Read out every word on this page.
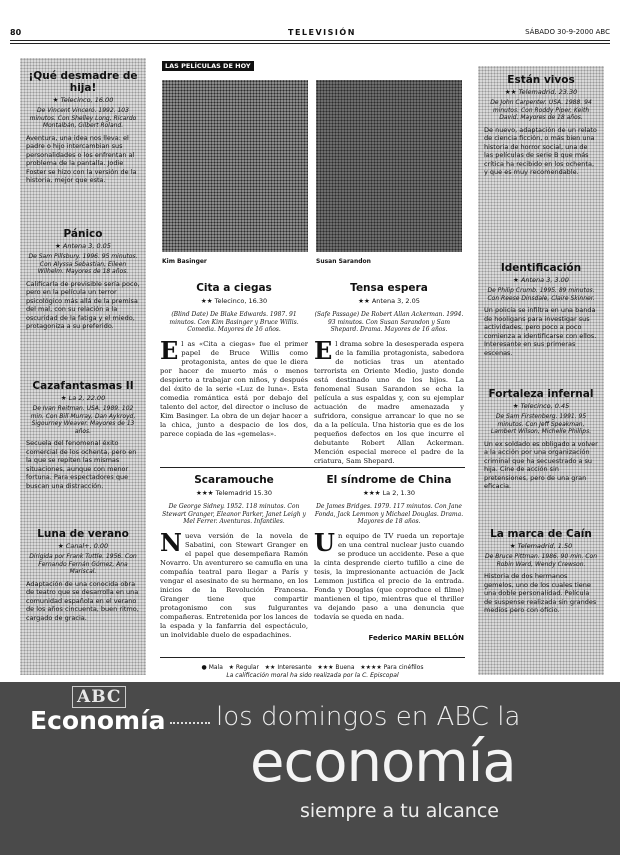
80	TELEVISIÓN	SÁBADO 30-9-2000 ABC
¡Qué desmadre de hija!
★ Telecinco, 16.00
De Vincent Vinceró. 1992. 103 minutos. Con Shelley Long, Ricardo Montalbán, Gilbert Roland.
Aventura, una idea nos lleva: el padre o hijo intercambian sus personalidades o los enfrentan al problema de la pantalla. Jodie Foster se hizo con la versión de la historia, mejor que esta.
Pánico
★ Antena 3, 0.05
De Sam Pillsbury. 1996. 95 minutos. Con Alyssa Sebastian, Eileen Wilhelm. Mayores de 18 años.
Calificarla de previsible sería poco, pero en la película un terror psicológico más allá de la premisa del mal, con su relación a la oscuridad de la fatiga y el miedo, protagoniza a su preferido.
Cazafantasmas II
★ La 2, 22.00
De Ivan Reitman. USA. 1989. 102 min. Con Bill Murray, Dan Aykroyd, Sigourney Weaver. Mayores de 13 años.
Secuela del fenomenal éxito comercial de los ochenta, pero en la que se repiten las mismas situaciones, aunque con menor fortuna. Para espectadores que buscan una distracción.
Luna de verano
★ Canal+, 0.00
Dirigida por Frank Tuttle. 1956. Con Fernando Fernán Gómez, Ana Mariscal.
Adaptación de una conocida obra de teatro que se desarrolla en una comunidad española en el verano de los años cincuenta, buen ritmo, cargado de gracia.
Están vivos
★★ Telemadrid, 23.30
De John Carpenter. USA. 1988. 94 minutos. Con Roddy Piper, Keith David. Mayores de 18 años.
De nuevo, adaptación de un relato de ciencia ficción, o más bien una historia de horror social, una de las películas de serie B que más crítica ha recibido en los ochenta, y que es muy recomendable.
Identificación
★ Antena 3, 3.00
De Philip Crumb. 1995. 89 minutos. Con Reese Dinsdale, Claire Skinner.
Un policía se infiltra en una banda de hooligans para investigar sus actividades, pero poco a poco comienza a identificarse con ellos. Interesante en sus primeras escenas.
Fortaleza infernal
★ Telecinco, 0.45
De Sam Firstenberg. 1991. 95 minutos. Con Jeff Speakman, Lambert Wilson, Michelle Phillips.
Un ex soldado es obligado a volver a la acción por una organización criminal que ha secuestrado a su hija. Cine de acción sin pretensiones, pero de una gran eficacia.
La marca de Caín
★ Telemadrid, 1.50
De Bruce Pittman. 1986. 90 min. Con Robin Ward, Wendy Crewson.
Historia de dos hermanos gemelos, uno de los cuales tiene una doble personalidad. Película de suspense realizada sin grandes medios pero con oficio.
LAS PELÍCULAS DE HOY
Kim Basinger	Susan Sarandon
Cita a ciegas
★★ Telecinco, 16.30
(Blind Date) De Blake Edwards. 1987. 91 minutos. Con Kim Basinger y Bruce Willis. Comedia. Mayores de 16 años.
El as «Cita a ciegas» fue el primer papel de Bruce Willis como protagonista, antes de que le diera por hacer de muerto más o menos despierto a trabajar con niños, y después del éxito de la serie «Luz de luna». Esta comedia romántica está por debajo del talento del actor, del director o incluso de Kim Basinger. La obra de un dejar hacer a la chica, junto a despacio de los dos, parece copiada de las «gemelas».
Tensa espera
★★ Antena 3, 2.05
(Safe Passage) De Robert Allan Ackerman. 1994. 93 minutos. Con Susan Sarandon y Sam Shepard. Drama. Mayores de 16 años.
El drama sobre la desesperada espera de la familia protagonista, sabedora de noticias tras un atentado terrorista en Oriente Medio, justo donde está destinado uno de los hijos. La fenomenal Susan Sarandon se echa la película a sus espaldas y, con su ejemplar actuación de madre amenazada y sufridora, consigue arrancar lo que no se da a la película. Una historia que es de los pequeños defectos en los que incurre el debutante Robert Allan Ackerman. Mención especial merece el padre de la criatura, Sam Shepard.
Scaramouche
★★★ Telemadrid 15.30
De George Sidney. 1952. 118 minutos. Con Stewart Granger, Eleanor Parker, Janet Leigh y Mel Ferrer. Aventuras. Infantiles.
Nueva versión de la novela de Sabatini, con Stewart Granger en el papel que desempeñara Ramón Novarro. Un aventurero se camufla en una compañía teatral para llegar a París y vengar el asesinato de su hermano, en los inicios de la Revolución Francesa. Granger tiene que compartir protagonismo con sus fulgurantes compañeras. Entretenida por los lances de la espada y la fanfarria del espectáculo, un inolvidable duelo de espadachines.
El síndrome de China
★★★ La 2, 1.30
De James Bridges. 1979. 117 minutos. Con Jane Fonda, Jack Lemmon y Michael Douglas. Drama. Mayores de 18 años.
Un equipo de TV rueda un reportaje en una central nuclear justo cuando se produce un accidente. Pese a que la cinta desprende cierto tufillo a cine de tesis, la impresionante actuación de Jack Lemmon justifica el precio de la entrada. Fonda y Douglas (que coproduce el filme) mantienen el tipo, mientras que el thriller va dejando paso a una denuncia que todavía se queda en nada.
Federico MARÍN BELLÓN
● Mala ★ Regular ★★ Interesante ★★★ Buena ★★★★ Para cinéfilos
La calificación moral ha sido realizada por la C. Episcopal
ABC
Economía los domingos en ABC la
economía
siempre a tu alcance
